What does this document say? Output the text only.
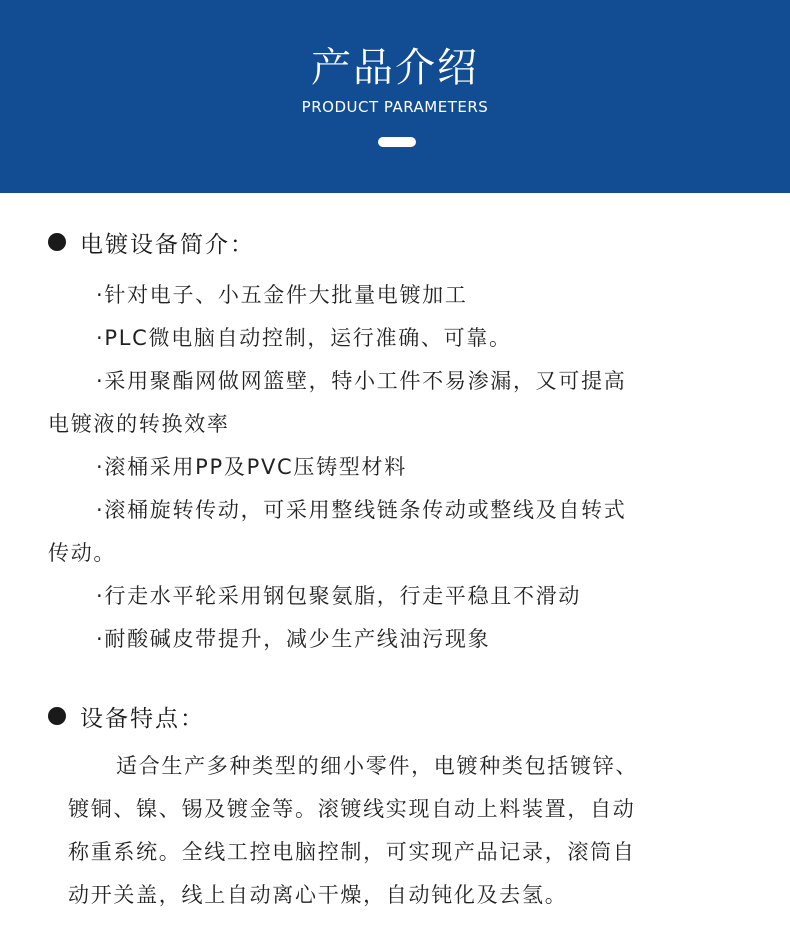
产品介绍
PRODUCT PARAMETERS
电镀设备简介：
·针对电子、小五金件大批量电镀加工
·PLC微电脑自动控制，运行准确、可靠。
·采用聚酯网做网篮壁，特小工件不易渗漏，又可提高
电镀液的转换效率
·滚桶采用PP及PVC压铸型材料
·滚桶旋转传动，可采用整线链条传动或整线及自转式
传动。
·行走水平轮采用钢包聚氨脂，行走平稳且不滑动
·耐酸碱皮带提升，减少生产线油污现象
设备特点：
适合生产多种类型的细小零件，电镀种类包括镀锌、
镀铜、镍、锡及镀金等。滚镀线实现自动上料装置，自动
称重系统。全线工控电脑控制，可实现产品记录，滚筒自
动开关盖，线上自动离心干燥，自动钝化及去氢。
